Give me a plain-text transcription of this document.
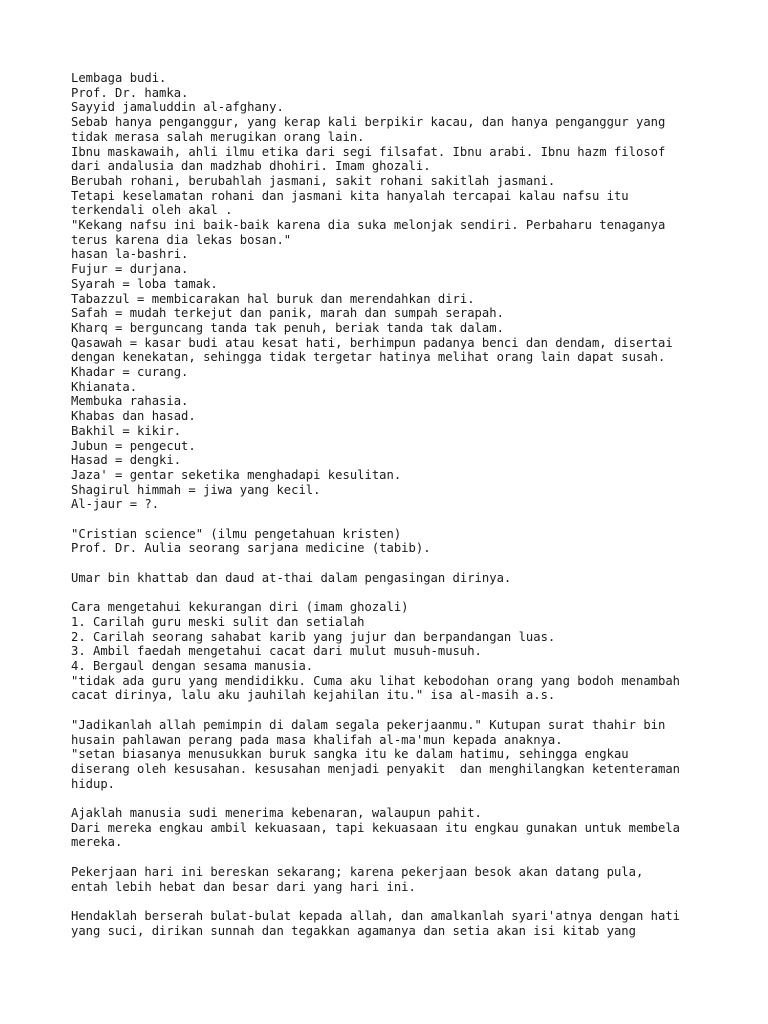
Lembaga budi.
Prof. Dr. hamka.
Sayyid jamaluddin al-afghany.
Sebab hanya penganggur, yang kerap kali berpikir kacau, dan hanya penganggur yang
tidak merasa salah merugikan orang lain.
Ibnu maskawaih, ahli ilmu etika dari segi filsafat. Ibnu arabi. Ibnu hazm filosof
dari andalusia dan madzhab dhohiri. Imam ghozali.
Berubah rohani, berubahlah jasmani, sakit rohani sakitlah jasmani.
Tetapi keselamatan rohani dan jasmani kita hanyalah tercapai kalau nafsu itu
terkendali oleh akal .
"Kekang nafsu ini baik-baik karena dia suka melonjak sendiri. Perbaharu tenaganya
terus karena dia lekas bosan."
hasan la-bashri.
Fujur = durjana.
Syarah = loba tamak.
Tabazzul = membicarakan hal buruk dan merendahkan diri.
Safah = mudah terkejut dan panik, marah dan sumpah serapah.
Kharq = berguncang tanda tak penuh, beriak tanda tak dalam.
Qasawah = kasar budi atau kesat hati, berhimpun padanya benci dan dendam, disertai
dengan kenekatan, sehingga tidak tergetar hatinya melihat orang lain dapat susah.
Khadar = curang.
Khianata.
Membuka rahasia.
Khabas dan hasad.
Bakhil = kikir.
Jubun = pengecut.
Hasad = dengki.
Jaza' = gentar seketika menghadapi kesulitan.
Shagirul himmah = jiwa yang kecil.
Al-jaur = ?.
"Cristian science" (ilmu pengetahuan kristen)
Prof. Dr. Aulia seorang sarjana medicine (tabib).
Umar bin khattab dan daud at-thai dalam pengasingan dirinya.
Cara mengetahui kekurangan diri (imam ghozali)
1. Carilah guru meski sulit dan setialah
2. Carilah seorang sahabat karib yang jujur dan berpandangan luas.
3. Ambil faedah mengetahui cacat dari mulut musuh-musuh.
4. Bergaul dengan sesama manusia.
"tidak ada guru yang mendidikku. Cuma aku lihat kebodohan orang yang bodoh menambah
cacat dirinya, lalu aku jauhilah kejahilan itu." isa al-masih a.s.
"Jadikanlah allah pemimpin di dalam segala pekerjaanmu." Kutupan surat thahir bin
husain pahlawan perang pada masa khalifah al-ma'mun kepada anaknya.
"setan biasanya menusukkan buruk sangka itu ke dalam hatimu, sehingga engkau
diserang oleh kesusahan. kesusahan menjadi penyakit  dan menghilangkan ketenteraman
hidup.
Ajaklah manusia sudi menerima kebenaran, walaupun pahit.
Dari mereka engkau ambil kekuasaan, tapi kekuasaan itu engkau gunakan untuk membela
mereka.
Pekerjaan hari ini bereskan sekarang; karena pekerjaan besok akan datang pula,
entah lebih hebat dan besar dari yang hari ini.
Hendaklah berserah bulat-bulat kepada allah, dan amalkanlah syari'atnya dengan hati
yang suci, dirikan sunnah dan tegakkan agamanya dan setia akan isi kitab yang
